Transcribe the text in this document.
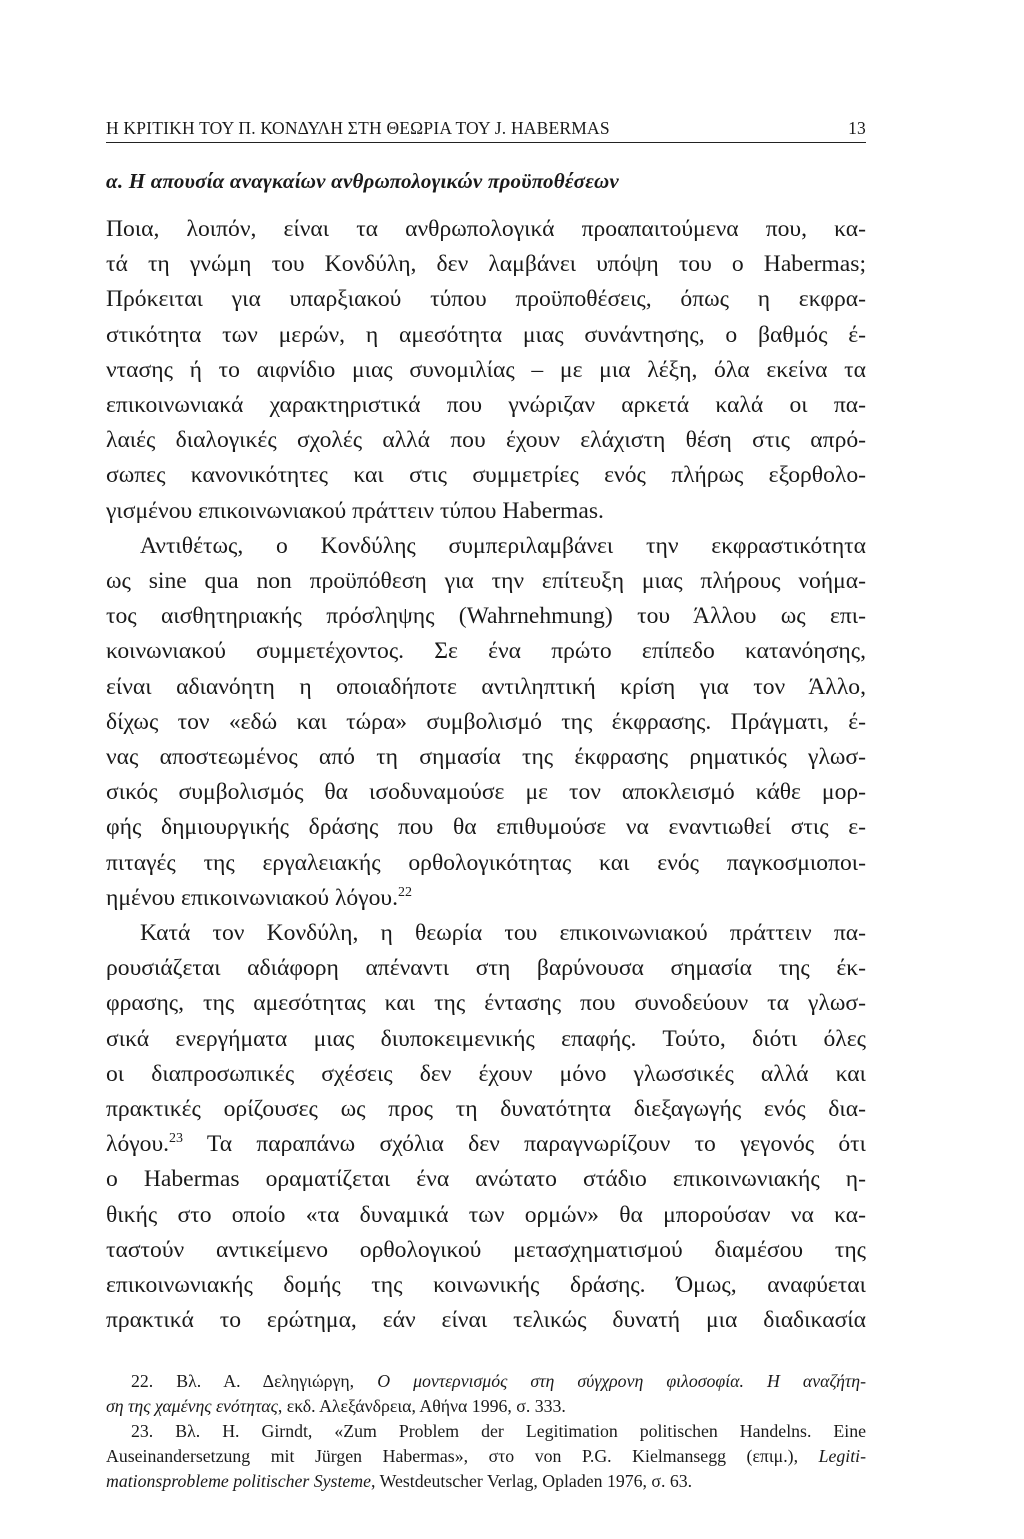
Η ΚΡΙΤΙΚΗ ΤΟΥ Π. ΚΟΝΔΥΛΗ ΣΤΗ ΘΕΩΡΙΑ ΤΟΥ J. HABERMAS	13
α. Η απουσία αναγκαίων ανθρωπολογικών προϋποθέσεων
Ποια, λοιπόν, είναι τα ανθρωπολογικά προαπαιτούμενα που, κα-
τά τη γνώμη του Κονδύλη, δεν λαμβάνει υπόψη του ο Habermas;
Πρόκειται για υπαρξιακού τύπου προϋποθέσεις, όπως η εκφρα-
στικότητα των μερών, η αμεσότητα μιας συνάντησης, ο βαθμός έ-
ντασης ή το αιφνίδιο μιας συνομιλίας – με μια λέξη, όλα εκείνα τα
επικοινωνιακά χαρακτηριστικά που γνώριζαν αρκετά καλά οι πα-
λαιές διαλογικές σχολές αλλά που έχουν ελάχιστη θέση στις απρό-
σωπες κανονικότητες και στις συμμετρίες ενός πλήρως εξορθολο-
γισμένου επικοινωνιακού πράττειν τύπου Habermas.
Αντιθέτως, ο Κονδύλης συμπεριλαμβάνει την εκφραστικότητα
ως sine qua non προϋπόθεση για την επίτευξη μιας πλήρους νοήμα-
τος αισθητηριακής πρόσληψης (Wahrnehmung) του Άλλου ως επι-
κοινωνιακού συμμετέχοντος. Σε ένα πρώτο επίπεδο κατανόησης,
είναι αδιανόητη η οποιαδήποτε αντιληπτική κρίση για τον Άλλο,
δίχως τον «εδώ και τώρα» συμβολισμό της έκφρασης. Πράγματι, έ-
νας αποστεωμένος από τη σημασία της έκφρασης ρηματικός γλωσ-
σικός συμβολισμός θα ισοδυναμούσε με τον αποκλεισμό κάθε μορ-
φής δημιουργικής δράσης που θα επιθυμούσε να εναντιωθεί στις ε-
πιταγές της εργαλειακής ορθολογικότητας και ενός παγκοσμιοποι-
ημένου επικοινωνιακού λόγου.$^{22}$
Κατά τον Κονδύλη, η θεωρία του επικοινωνιακού πράττειν πα-
ρουσιάζεται αδιάφορη απέναντι στη βαρύνουσα σημασία της έκ-
φρασης, της αμεσότητας και της έντασης που συνοδεύουν τα γλωσ-
σικά ενεργήματα μιας διυποκειμενικής επαφής. Τούτο, διότι όλες
οι διαπροσωπικές σχέσεις δεν έχουν μόνο γλωσσικές αλλά και
πρακτικές ορίζουσες ως προς τη δυνατότητα διεξαγωγής ενός δια-
λόγου.$^{23}$ Τα παραπάνω σχόλια δεν παραγνωρίζουν το γεγονός ότι
ο Habermas οραματίζεται ένα ανώτατο στάδιο επικοινωνιακής η-
θικής στο οποίο «τα δυναμικά των ορμών» θα μπορούσαν να κα-
ταστούν αντικείμενο ορθολογικού μετασχηματισμού διαμέσου της
επικοινωνιακής δομής της κοινωνικής δράσης. Όμως, αναφύεται
πρακτικά το ερώτημα, εάν είναι τελικώς δυνατή μια διαδικασία
22. Βλ. Α. Δεληγιώργη, Ο μοντερνισμός στη σύγχρονη φιλοσοφία. Η αναζήτη-
ση της χαμένης ενότητας, εκδ. Αλεξάνδρεια, Αθήνα 1996, σ. 333.
23. Βλ. H. Girndt, «Zum Problem der Legitimation politischen Handelns. Eine
Auseinandersetzung mit Jürgen Habermas», στο von P.G. Kielmansegg (επιμ.), Legiti-
mationsprobleme politischer Systeme, Westdeutscher Verlag, Opladen 1976, σ. 63.
